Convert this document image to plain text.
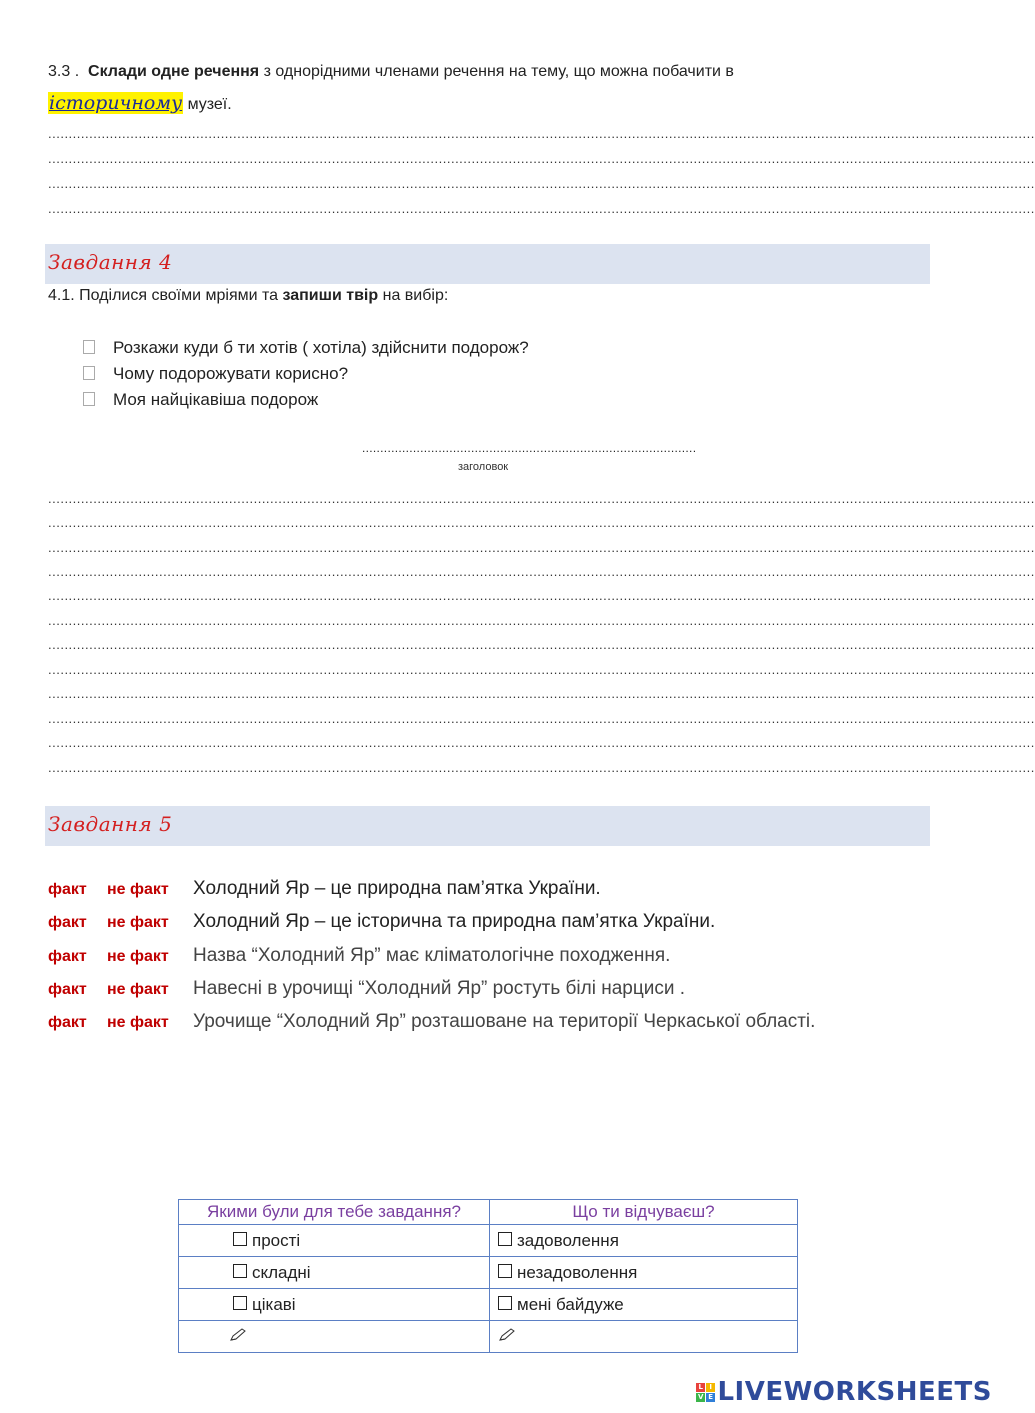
3.3 . Склади одне речення з однорідними членами речення на тему, що можна побачити в
історичному музеї.
................................................................................................................................................................................................................................................
................................................................................................................................................................................................................................................
................................................................................................................................................................................................................................................
................................................................................................................................................................................................................................................
Завдання 4
4.1. Поділися своїми мріями та запиши твір на вибір:
Розкажи куди б ти хотів ( хотіла) здійснити подорож?
Чому подорожувати корисно?
Моя найцікавіша подорож
............................................................................................
заголовок
................................................................................................................................................................................................................................................
................................................................................................................................................................................................................................................
................................................................................................................................................................................................................................................
................................................................................................................................................................................................................................................
................................................................................................................................................................................................................................................
................................................................................................................................................................................................................................................
................................................................................................................................................................................................................................................
................................................................................................................................................................................................................................................
................................................................................................................................................................................................................................................
................................................................................................................................................................................................................................................
................................................................................................................................................................................................................................................
................................................................................................................................................................................................................................................
Завдання 5
факт не факт Холодний Яр – це природна пам’ятка України.
факт не факт Холодний Яр – це історична та природна пам’ятка України.
факт не факт Назва “Холодний Яр” має кліматологічне походження.
факт не факт Навесні в урочищі “Холодний Яр” ростуть білі нарциси .
факт не факт Урочище “Холодний Яр” розташоване на території Черкаської області.
Якими були для тебе завдання?	Що ти відчуваєш?
прості	задоволення
складні	незадоволення
цікаві	мені байдуже

L I
V E LIVEWORKSHEETS
